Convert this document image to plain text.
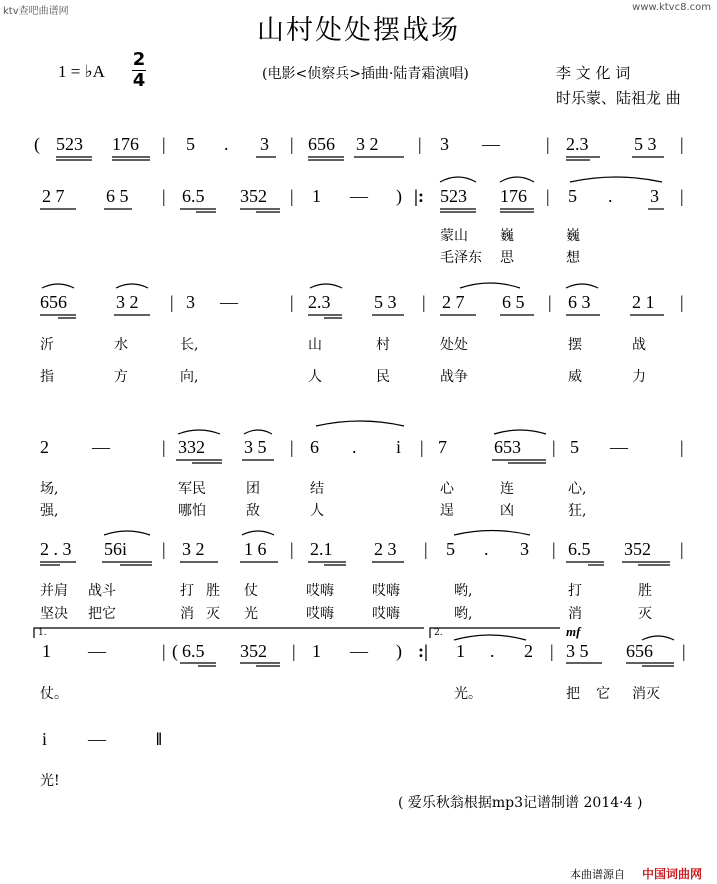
ktv查吧曲谱网	www.ktvc8.com
山村处处摆战场
1 = ♭A
2
4	(电影<侦察兵>插曲·陆青霜演唱)	李 文 化 词
时乐蒙、陆祖龙 曲
( 523 176 | 5 . 3 | 656 3 2 | 3 —	| 2.3	5 3 |
2 7 6 5 | 6.5 352 | 1 — ) |: 523 176 | 5 . 3 |
蒙山 巍	巍
毛泽东 思	想
656	3 2 | 3 —	| 2.3 5 3 | 2 7 6 5 | 6 3 2 1 |
沂	水	长,	山	村	处处	摆	战
指	方	向,	人	民	战争	威	力
2 —	| 332 3 5 | 6 . i | 7	653 | 5 —	|
场,	军民	团	结	心	连	心,
强,	哪怕	敌	人	逞	凶	狂,
2 . 3 56i | 3 2 1 6 | 2.1 2 3 | 5 . 3 | 6.5 352 |
并肩 战斗	打 胜 仗	哎嗨	哎嗨	哟,	打	胜
坚决 把它	消 灭 光	哎嗨	哎嗨	哟,	消	灭
1.	2.	mf
1 —	| ( 6.5 352 | 1 — ) :| 1 . 2 | 3 5 656 |
仗。	光。	把 它 消灭
i —	‖
光!
( 爱乐秋翁根据mp3记谱制谱 2014·4 )
本曲谱源自 中国词曲网
